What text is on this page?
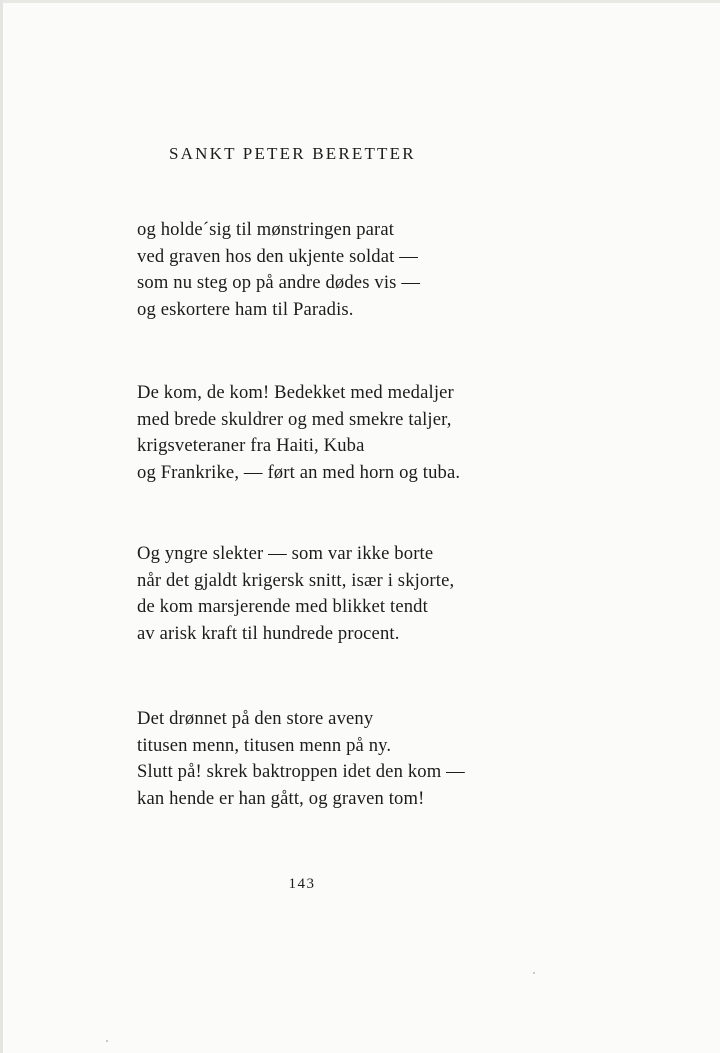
SANKT PETER BERETTER
og holde´sig til mønstringen parat
ved graven hos den ukjente soldat —
som nu steg op på andre dødes vis —
og eskortere ham til Paradis.
De kom, de kom! Bedekket med medaljer
med brede skuldrer og med smekre taljer,
krigsveteraner fra Haiti, Kuba
og Frankrike, — ført an med horn og tuba.
Og yngre slekter — som var ikke borte
når det gjaldt krigersk snitt, især i skjorte,
de kom marsjerende med blikket tendt
av arisk kraft til hundrede procent.
Det drønnet på den store aveny
titusen menn, titusen menn på ny.
Slutt på! skrek baktroppen idet den kom —
kan hende er han gått, og graven tom!
143
